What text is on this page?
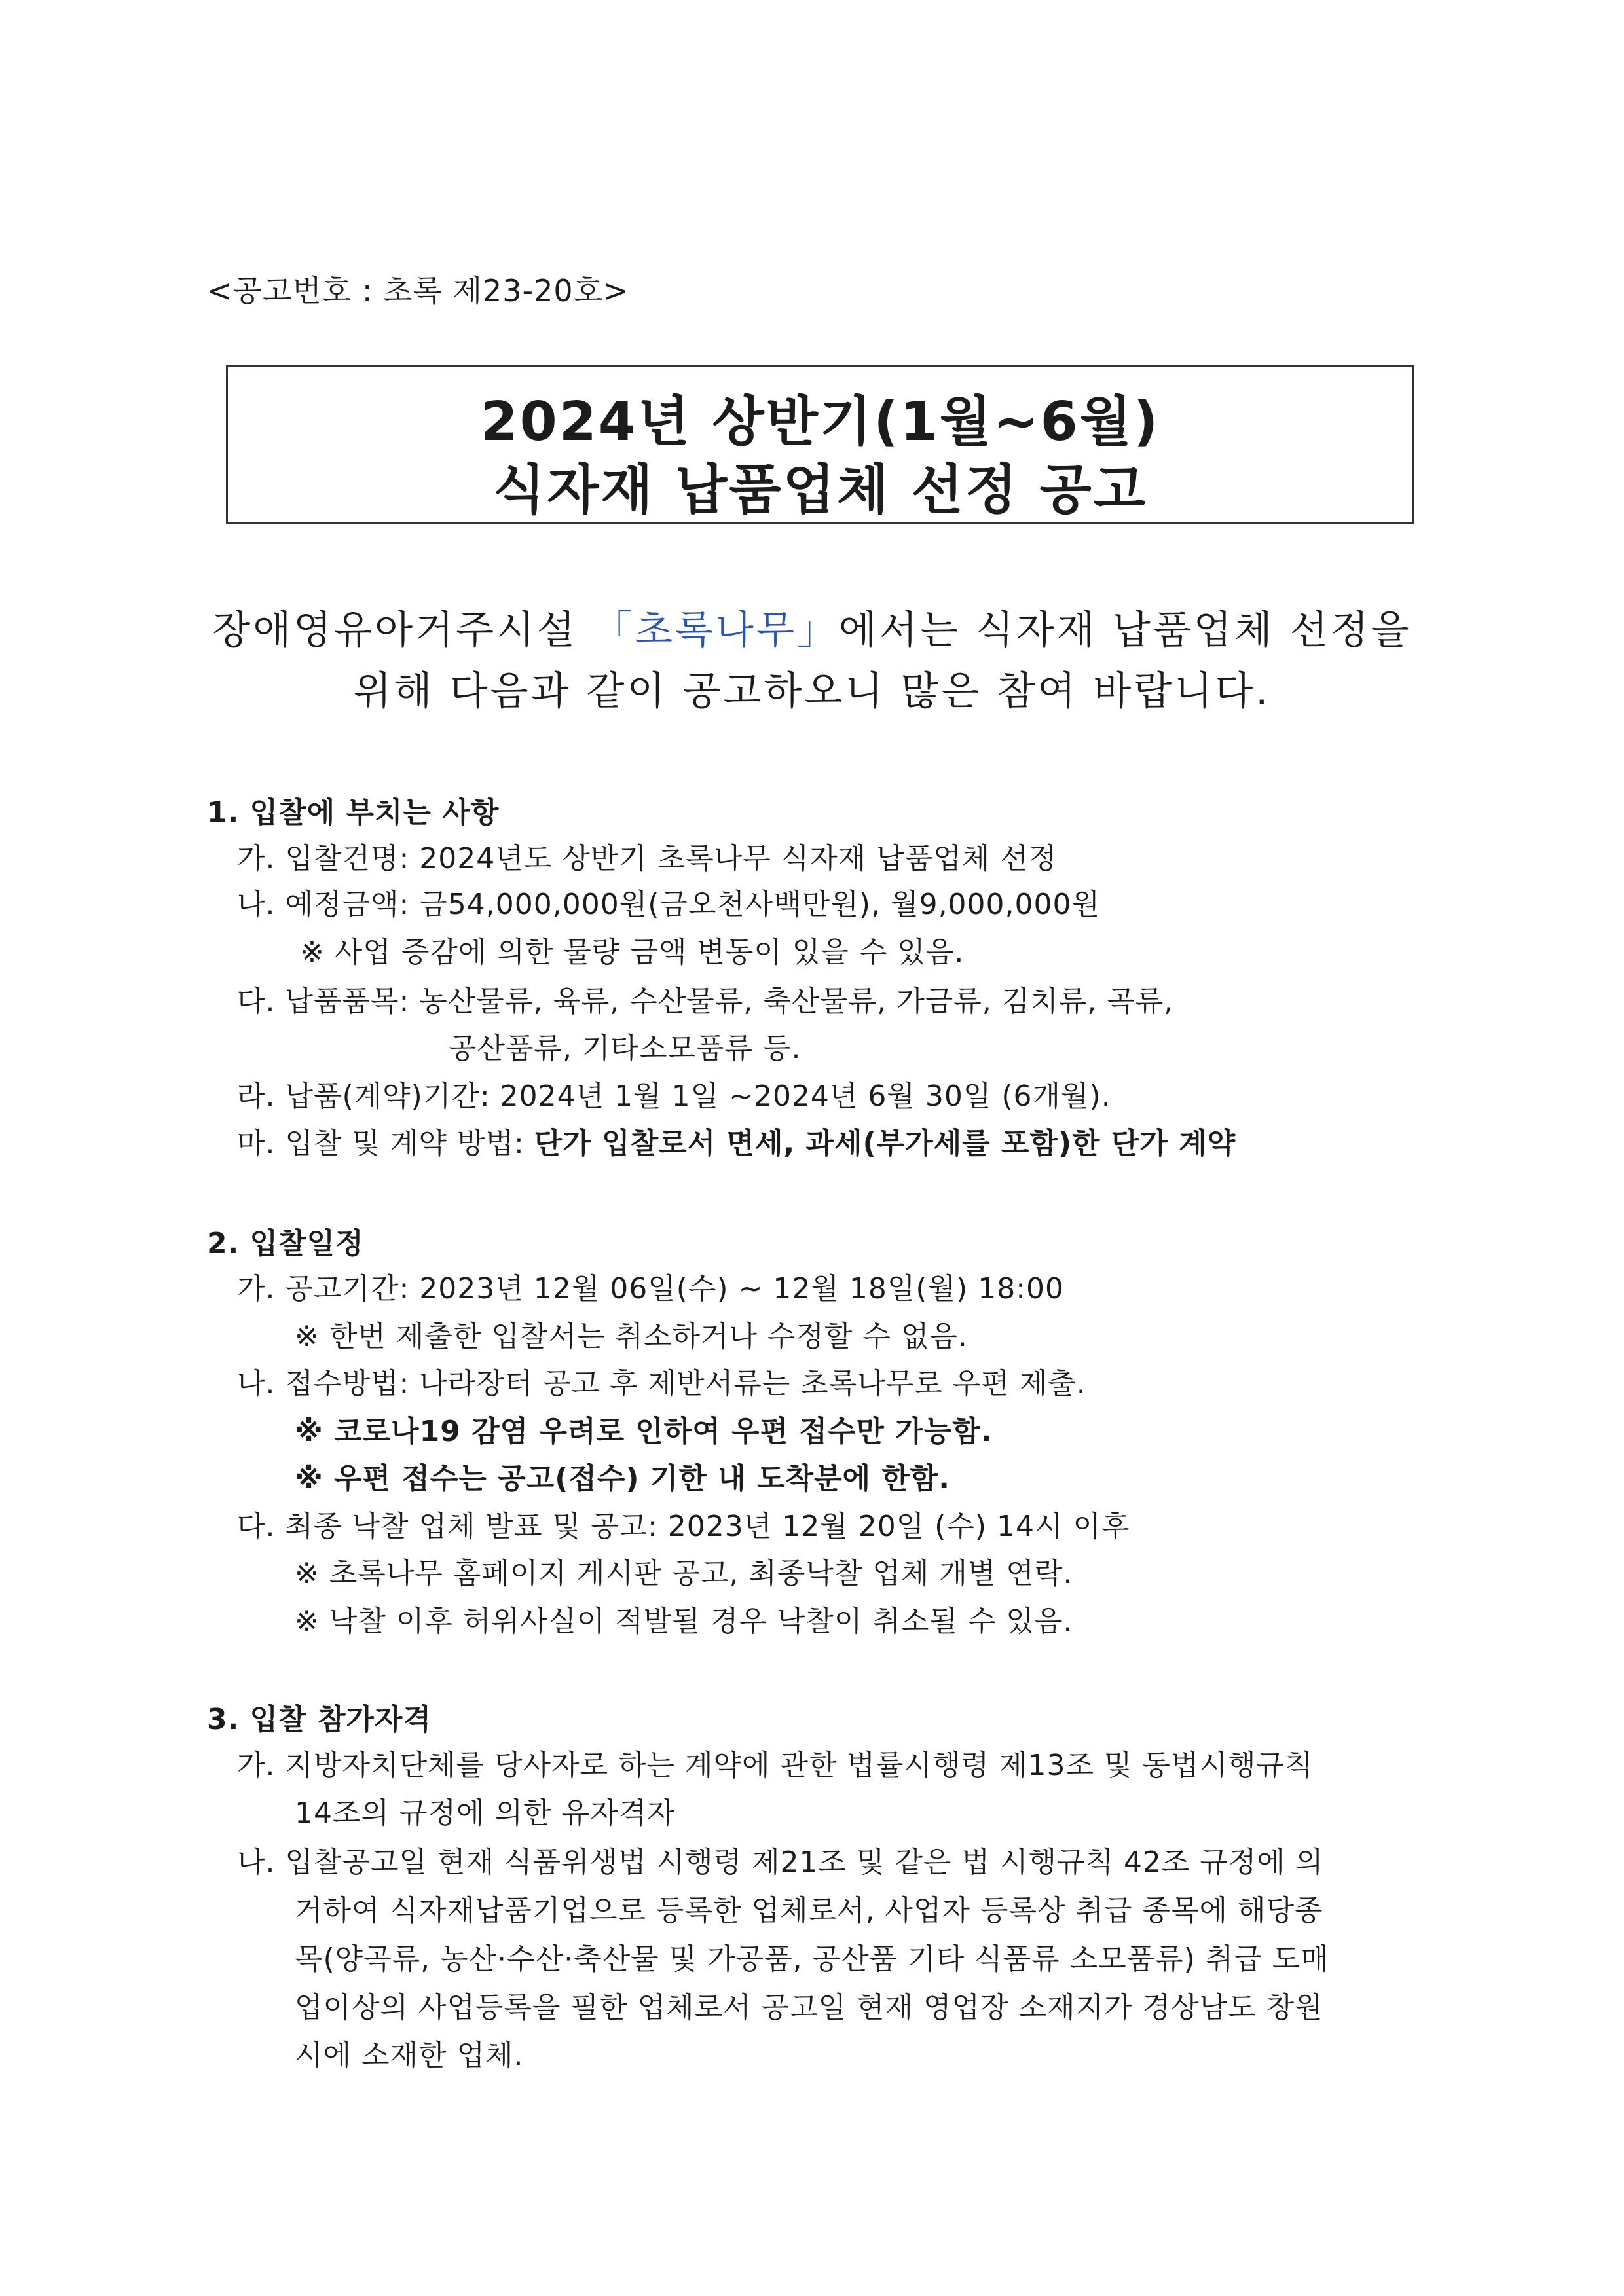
<공고번호 : 초록 제23-20호>
2024년 상반기(1월~6월)
식자재 납품업체 선정 공고
장애영유아거주시설 「초록나무」에서는 식자재 납품업체 선정을
위해 다음과 같이 공고하오니 많은 참여 바랍니다.
1. 입찰에 부치는 사항
가. 입찰건명: 2024년도 상반기 초록나무 식자재 납품업체 선정
나. 예정금액: 금54,000,000원(금오천사백만원), 월9,000,000원
※ 사업 증감에 의한 물량 금액 변동이 있을 수 있음.
다. 납품품목: 농산물류, 육류, 수산물류, 축산물류, 가금류, 김치류, 곡류,
공산품류, 기타소모품류 등.
라. 납품(계약)기간: 2024년 1월 1일 ~2024년 6월 30일 (6개월).
마. 입찰 및 계약 방법: 단가 입찰로서 면세, 과세(부가세를 포함)한 단가 계약
2. 입찰일정
가. 공고기간: 2023년 12월 06일(수) ~ 12월 18일(월) 18:00
※ 한번 제출한 입찰서는 취소하거나 수정할 수 없음.
나. 접수방법: 나라장터 공고 후 제반서류는 초록나무로 우편 제출.
※ 코로나19 감염 우려로 인하여 우편 접수만 가능함.
※ 우편 접수는 공고(접수) 기한 내 도착분에 한함.
다. 최종 낙찰 업체 발표 및 공고: 2023년 12월 20일 (수) 14시 이후
※ 초록나무 홈페이지 게시판 공고, 최종낙찰 업체 개별 연락.
※ 낙찰 이후 허위사실이 적발될 경우 낙찰이 취소될 수 있음.
3. 입찰 참가자격
가. 지방자치단체를 당사자로 하는 계약에 관한 법률시행령 제13조 및 동법시행규칙
14조의 규정에 의한 유자격자
나. 입찰공고일 현재 식품위생법 시행령 제21조 및 같은 법 시행규칙 42조 규정에 의
거하여 식자재납품기업으로 등록한 업체로서, 사업자 등록상 취급 종목에 해당종
목(양곡류, 농산·수산·축산물 및 가공품, 공산품 기타 식품류 소모품류) 취급 도매
업이상의 사업등록을 필한 업체로서 공고일 현재 영업장 소재지가 경상남도 창원
시에 소재한 업체.
